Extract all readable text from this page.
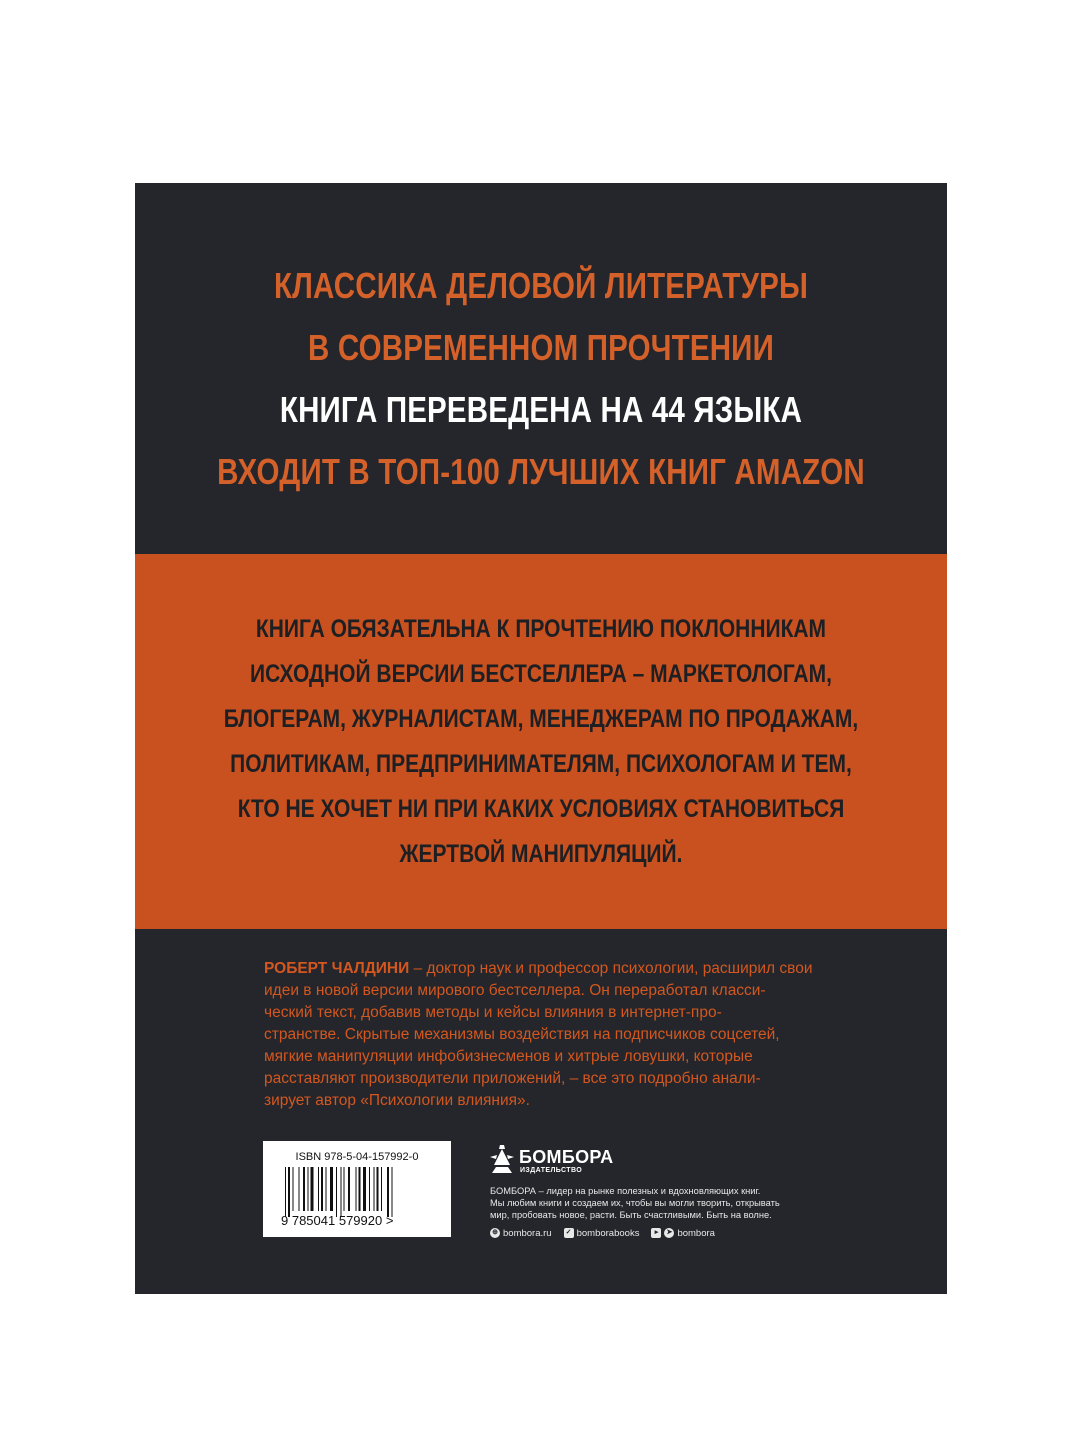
КЛАССИКА ДЕЛОВОЙ ЛИТЕРАТУРЫ
В СОВРЕМЕННОМ ПРОЧТЕНИИ
КНИГА ПЕРЕВЕДЕНА НА 44 ЯЗЫКА
ВХОДИТ В ТОП-100 ЛУЧШИХ КНИГ AMAZON
КНИГА ОБЯЗАТЕЛЬНА К ПРОЧТЕНИЮ ПОКЛОННИКАМ
ИСХОДНОЙ ВЕРСИИ БЕСТСЕЛЛЕРА – МАРКЕТОЛОГАМ,
БЛОГЕРАМ, ЖУРНАЛИСТАМ, МЕНЕДЖЕРАМ ПО ПРОДАЖАМ,
ПОЛИТИКАМ, ПРЕДПРИНИМАТЕЛЯМ, ПСИХОЛОГАМ И ТЕМ,
КТО НЕ ХОЧЕТ НИ ПРИ КАКИХ УСЛОВИЯХ СТАНОВИТЬСЯ
ЖЕРТВОЙ МАНИПУЛЯЦИЙ.
РОБЕРТ ЧАЛДИНИ – доктор наук и профессор психологии, расширил свои
идеи в новой версии мирового бестселлера. Он переработал класси-
ческий текст, добавив методы и кейсы влияния в интернет-про-
странстве. Скрытые механизмы воздействия на подписчиков соцсетей,
мягкие манипуляции инфобизнесменов и хитрые ловушки, которые
расставляют производители приложений, – все это подробно анали-
зирует автор «Психологии влияния».
ISBN 978-5-04-157992-0
9 785041 579920 >
БОМБОРА
ИЗДАТЕЛЬСТВО
БОМБОРА – лидер на рынке полезных и вдохновляющих книг.
Мы любим книги и создаем их, чтобы вы могли творить, открывать
мир, пробовать новое, расти. Быть счастливыми. Быть на волне.
⊕ bombora.ru ✓ bomborabooks	▸	➤ bombora
